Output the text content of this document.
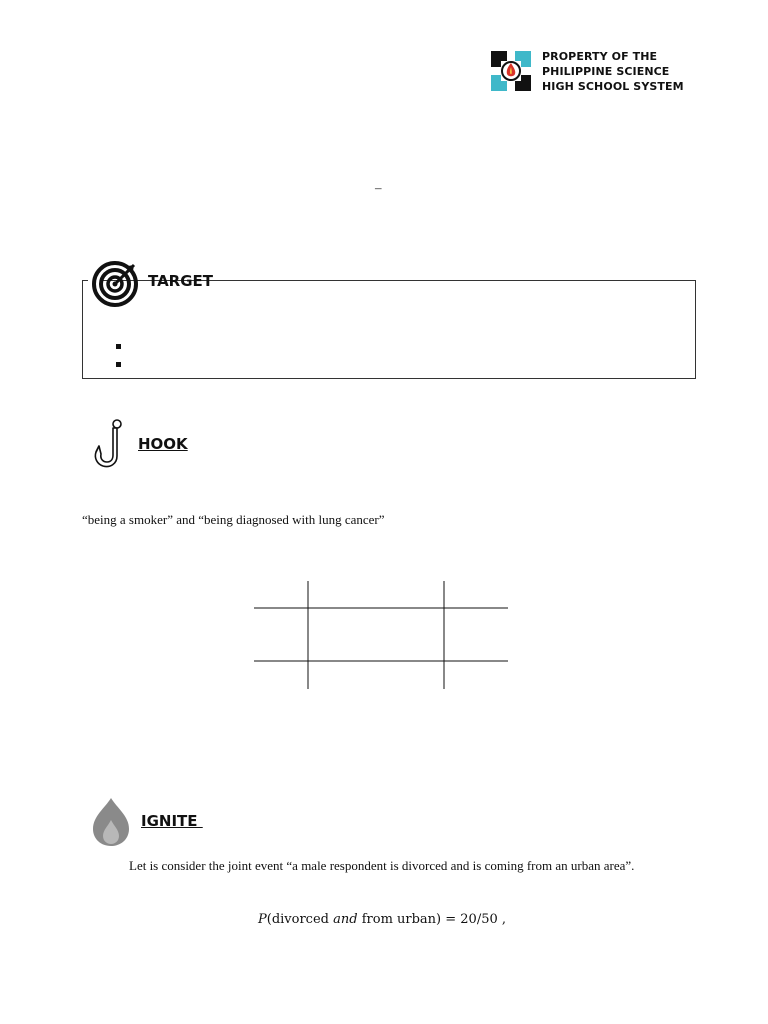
PROPERTY OF THE
PHILIPPINE SCIENCE
HIGH SCHOOL SYSTEM
–
TARGET
HOOK
“being a smoker” and “being diagnosed with lung cancer”
IGNITE
Let is consider the joint event “a male respondent is divorced and is coming from an urban area”.
P(divorced and from urban) = 20/50 ,
